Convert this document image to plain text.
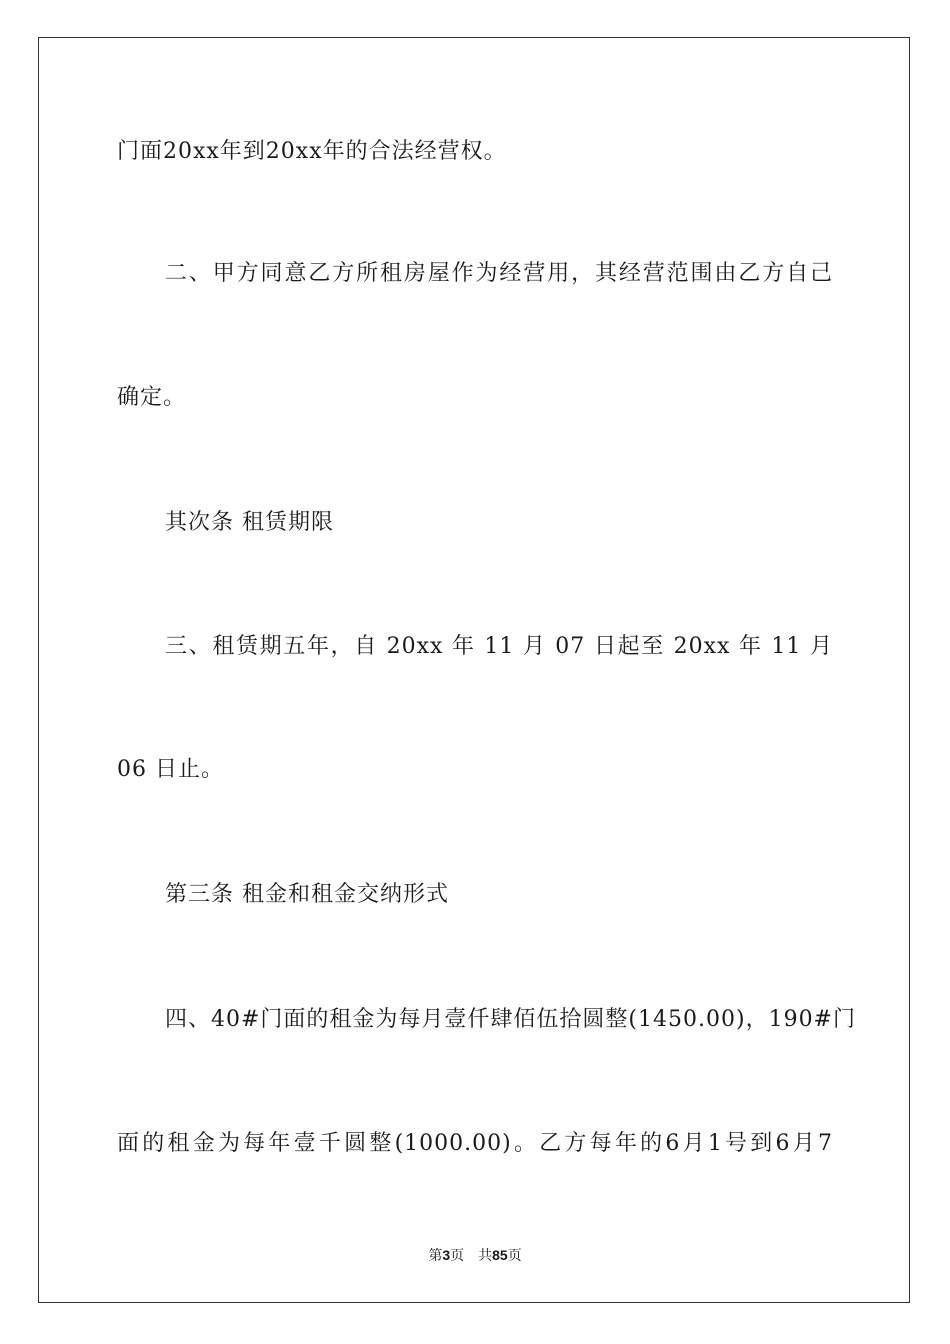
门面20xx年到20xx年的合法经营权。
二、甲方同意乙方所租房屋作为经营用，其经营范围由乙方自己
确定。
其次条 租赁期限
三、租赁期五年，自 20xx 年 11 月 07 日起至 20xx 年 11 月
06 日止。
第三条 租金和租金交纳形式
四、40#门面的租金为每月壹仟肆佰伍拾圆整(1450.00)，190#门
面的租金为每年壹千圆整(1000.00)。乙方每年的6月1号到6月7
第3页 共85页
